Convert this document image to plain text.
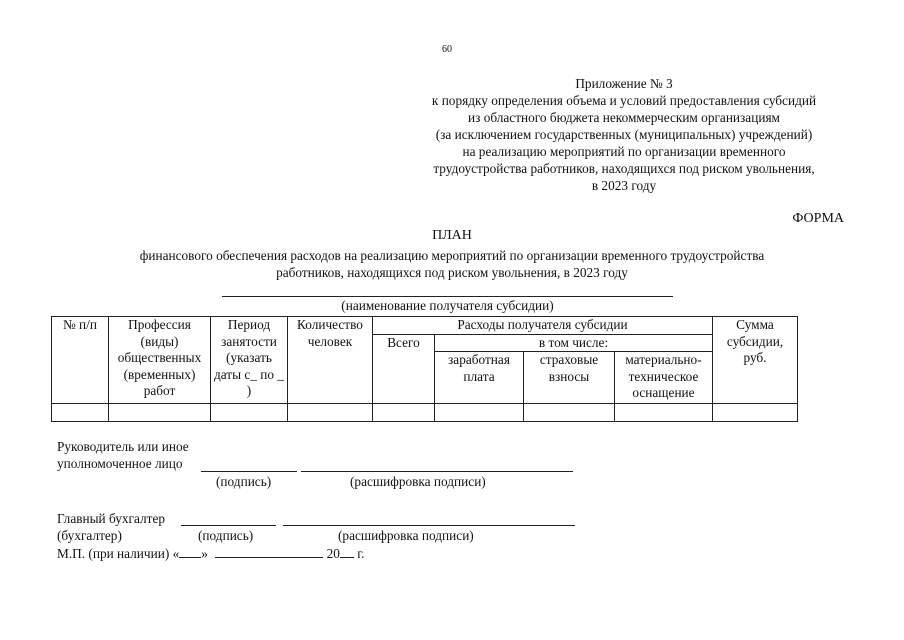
60
Приложение № 3
к порядку определения объема и условий предоставления субсидий
из областного бюджета некоммерческим организациям
(за исключением государственных (муниципальных) учреждений)
на реализацию мероприятий по организации временного
трудоустройства работников, находящихся под риском увольнения,
в 2023 году
ФОРМА
ПЛАН
финансового обеспечения расходов на реализацию мероприятий по организации временного трудоустройства
работников, находящихся под риском увольнения, в 2023 году
(наименование получателя субсидии)
№ п/п	Профессия (виды) общественных (временных) работ	Период занятости (указать даты с_ по _ )	Количество человек	Расходы получателя субсидии				Сумма субсидии, руб.
				Всего	в том числе:			
					заработная плата	страховые взносы	материально-техническое оснащение	

Руководитель или иное
уполномоченное лицо
(подпись)	(расшифровка подписи)
Главный бухгалтер
(бухгалтер)	(подпись)	(расшифровка подписи)
М.П. (при наличии) « »	20 г.
